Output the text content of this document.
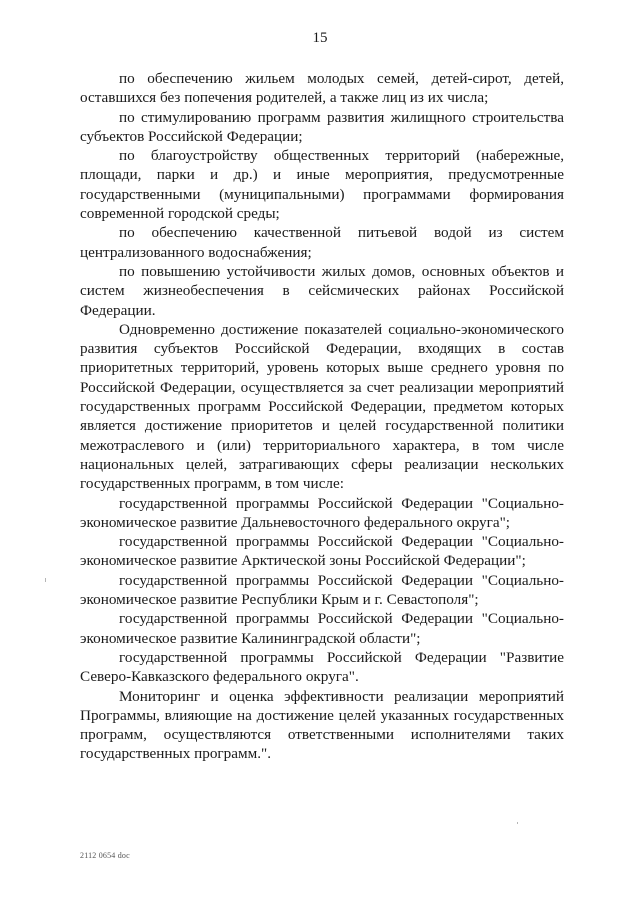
15

по обеспечению жильем молодых семей, детей-сирот, детей, оставшихся без попечения родителей, а также лиц из их числа;

по стимулированию программ развития жилищного строительства субъектов Российской Федерации;

по благоустройству общественных территорий (набережные, площади, парки и др.) и иные мероприятия, предусмотренные государственными (муниципальными) программами формирования современной городской среды;

по обеспечению качественной питьевой водой из систем централизованного водоснабжения;

по повышению устойчивости жилых домов, основных объектов и систем жизнеобеспечения в сейсмических районах Российской Федерации.

Одновременно достижение показателей социально-экономического развития субъектов Российской Федерации, входящих в состав приоритетных территорий, уровень которых выше среднего уровня по Российской Федерации, осуществляется за счет реализации мероприятий государственных программ Российской Федерации, предметом которых является достижение приоритетов и целей государственной политики межотраслевого и (или) территориального характера, в том числе национальных целей, затрагивающих сферы реализации нескольких государственных программ, в том числе:

государственной программы Российской Федерации "Социально-экономическое развитие Дальневосточного федерального округа";

государственной программы Российской Федерации "Социально-экономическое развитие Арктической зоны Российской Федерации";

государственной программы Российской Федерации "Социально-экономическое развитие Республики Крым и г. Севастополя";

государственной программы Российской Федерации "Социально-экономическое развитие Калининградской области";

государственной программы Российской Федерации "Развитие Северо-Кавказского федерального округа".

Мониторинг и оценка эффективности реализации мероприятий Программы, влияющие на достижение целей указанных государственных программ, осуществляются ответственными исполнителями таких государственных программ.".

2112 0654 doc
